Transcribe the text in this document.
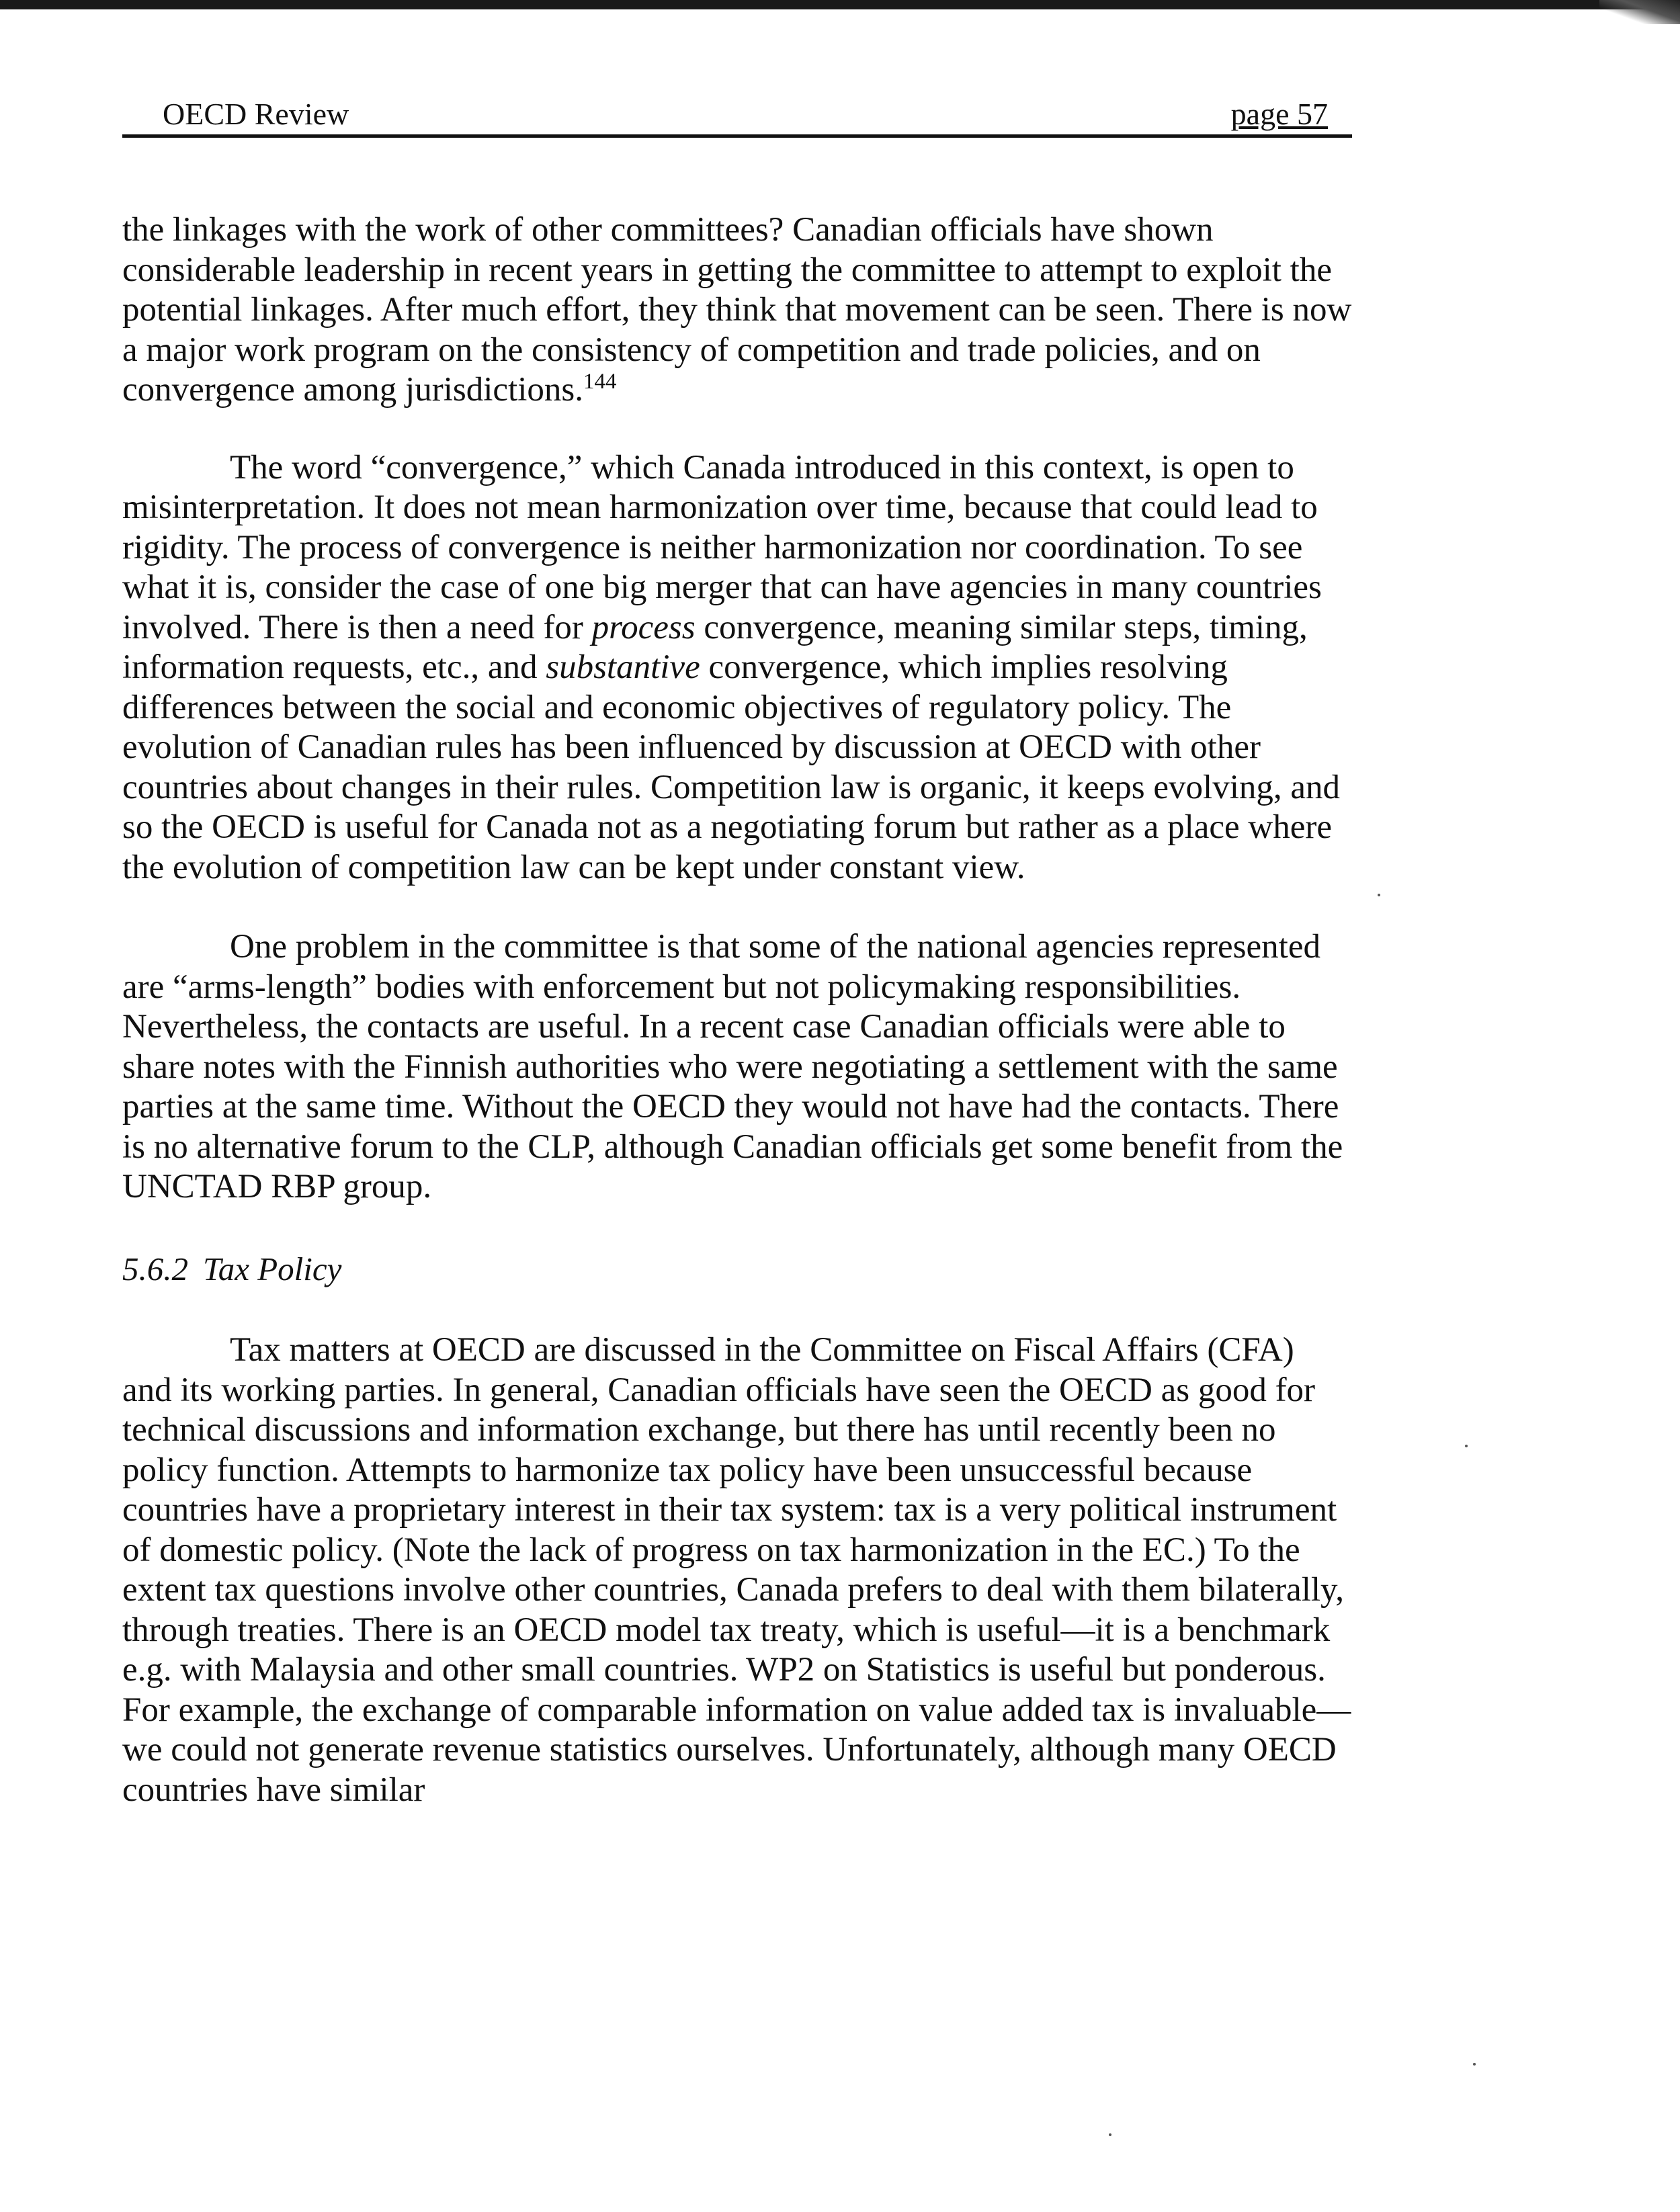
OECD Review	page 57

the linkages with the work of other committees? Canadian officials have shown considerable leadership in recent years in getting the committee to attempt to exploit the potential linkages. After much effort, they think that movement can be seen. There is now a major work program on the consistency of competition and trade policies, and on convergence among jurisdictions.$^{144}$

The word “convergence,” which Canada introduced in this context, is open to misinterpretation. It does not mean harmonization over time, because that could lead to rigidity. The process of convergence is neither harmonization nor coordination. To see what it is, consider the case of one big merger that can have agencies in many countries involved. There is then a need for process convergence, meaning similar steps, timing, information requests, etc., and substantive convergence, which implies resolving differences between the social and economic objectives of regulatory policy. The evolution of Canadian rules has been influenced by discussion at OECD with other countries about changes in their rules. Competition law is organic, it keeps evolving, and so the OECD is useful for Canada not as a negotiating forum but rather as a place where the evolution of competition law can be kept under constant view.

One problem in the committee is that some of the national agencies represented are “arms-length” bodies with enforcement but not policymaking responsibilities. Nevertheless, the contacts are useful. In a recent case Canadian officials were able to share notes with the Finnish authorities who were negotiating a settlement with the same parties at the same time. Without the OECD they would not have had the contacts. There is no alternative forum to the CLP, although Canadian officials get some benefit from the UNCTAD RBP group.

5.6.2 Tax Policy

Tax matters at OECD are discussed in the Committee on Fiscal Affairs (CFA) and its working parties. In general, Canadian officials have seen the OECD as good for technical discussions and information exchange, but there has until recently been no policy function. Attempts to harmonize tax policy have been unsuccessful because countries have a proprietary interest in their tax system: tax is a very political instrument of domestic policy. (Note the lack of progress on tax harmonization in the EC.) To the extent tax questions involve other countries, Canada prefers to deal with them bilaterally, through treaties. There is an OECD model tax treaty, which is useful—it is a benchmark e.g. with Malaysia and other small countries. WP2 on Statistics is useful but ponderous. For example, the exchange of comparable information on value added tax is invaluable—we could not generate revenue statistics ourselves. Unfortunately, although many OECD countries have similar
